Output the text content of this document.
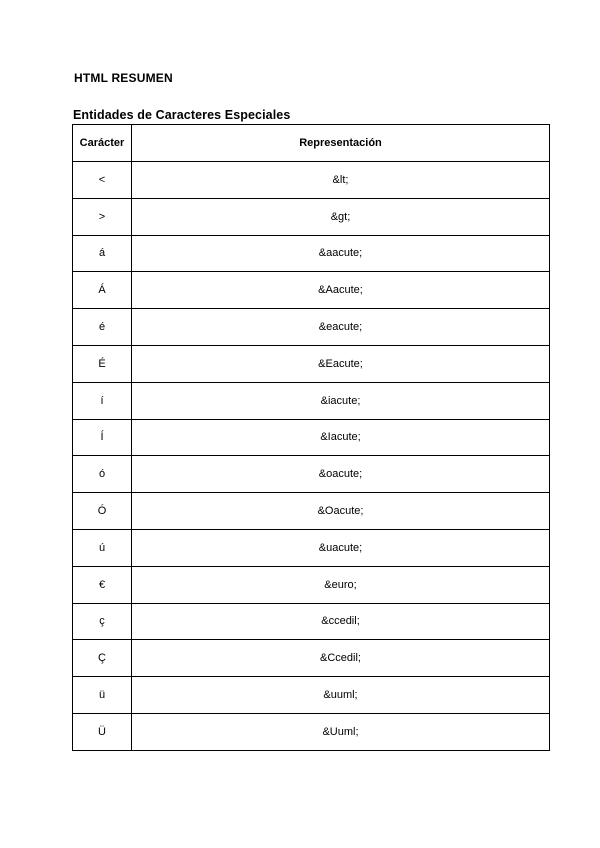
HTML RESUMEN
Entidades de Caracteres Especiales
Carácter	Representación
<	&lt;
>	&gt;
á	&aacute;
Á	&Aacute;
é	&eacute;
É	&Eacute;
í	&iacute;
Í	&Iacute;
ó	&oacute;
Ó	&Oacute;
ú	&uacute;
€	&euro;
ç	&ccedil;
Ç	&Ccedil;
ü	&uuml;
Ü	&Uuml;
